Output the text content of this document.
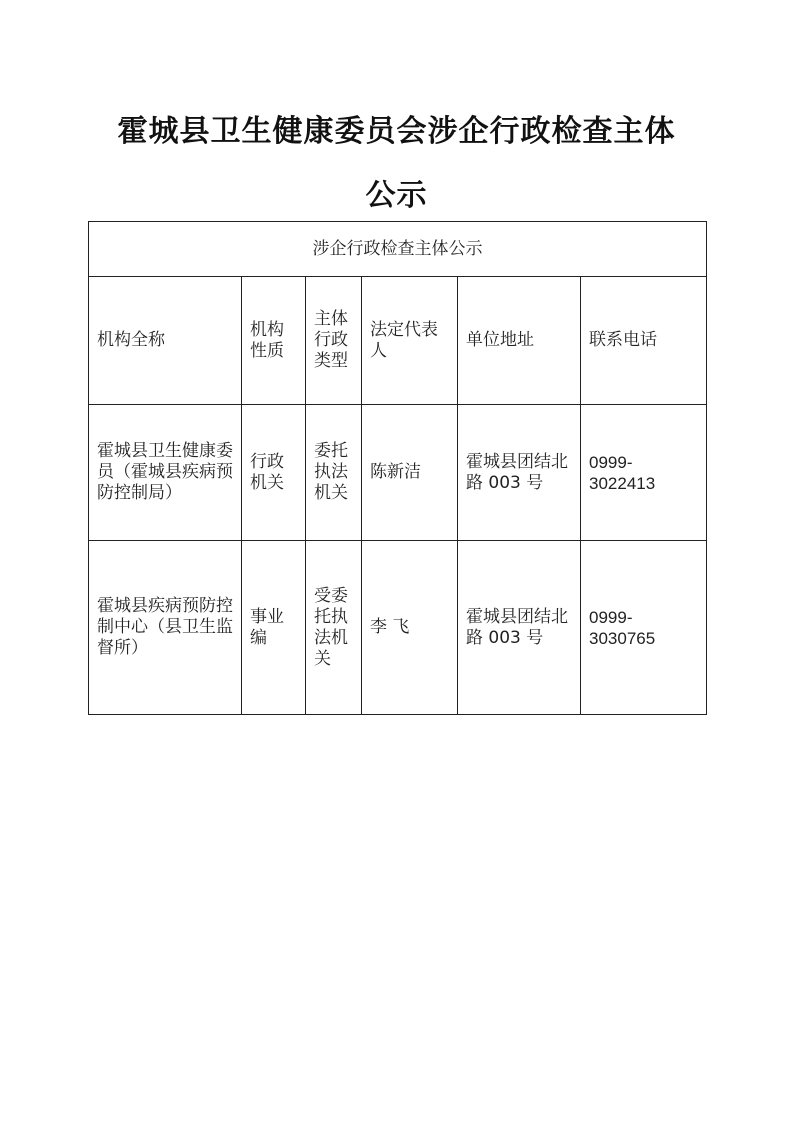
霍城县卫生健康委员会涉企行政检查主体
公示
涉企行政检查主体公示					
机构全称	机构性质	主体行政类型	法定代表人	单位地址	联系电话
霍城县卫生健康委员（霍城县疾病预防控制局）	行政机关	委托执法机关	陈新洁	霍城县团结北路 003 号	0999-3022413
霍城县疾病预防控制中心（县卫生监督所）	事业编	受委托执法机关	李 飞	霍城县团结北路 003 号	0999-3030765
